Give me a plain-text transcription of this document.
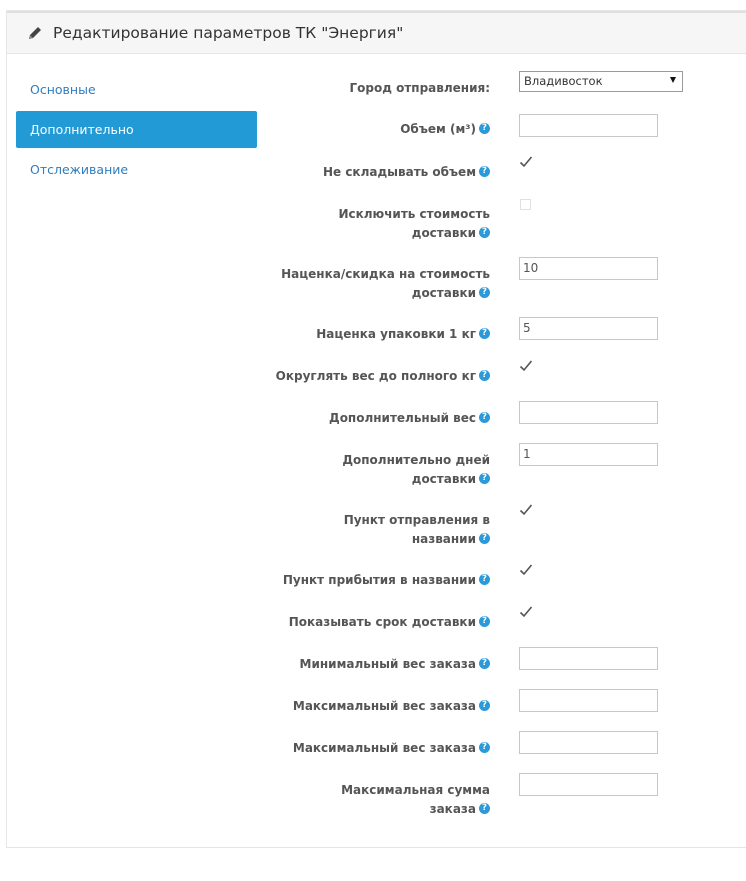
Редактирование параметров ТК "Энергия"
Основные
Дополнительно
Отслеживание
Город отправления:	Владивосток
Объем (м³) ?
Не складывать объем ?
Исключить стоимость
доставки ?
Наценка/скидка на стоимость
доставки ?
10
Наценка упаковки 1 кг ?	5
Округлять вес до полного кг ?
Дополнительный вес ?
Дополнительно дней
доставки ?
1
Пункт отправления в
названии ?
Пункт прибытия в названии ?
Показывать срок доставки ?
Минимальный вес заказа ?
Максимальный вес заказа ?
Максимальный вес заказа ?
Максимальная сумма
заказа ?
